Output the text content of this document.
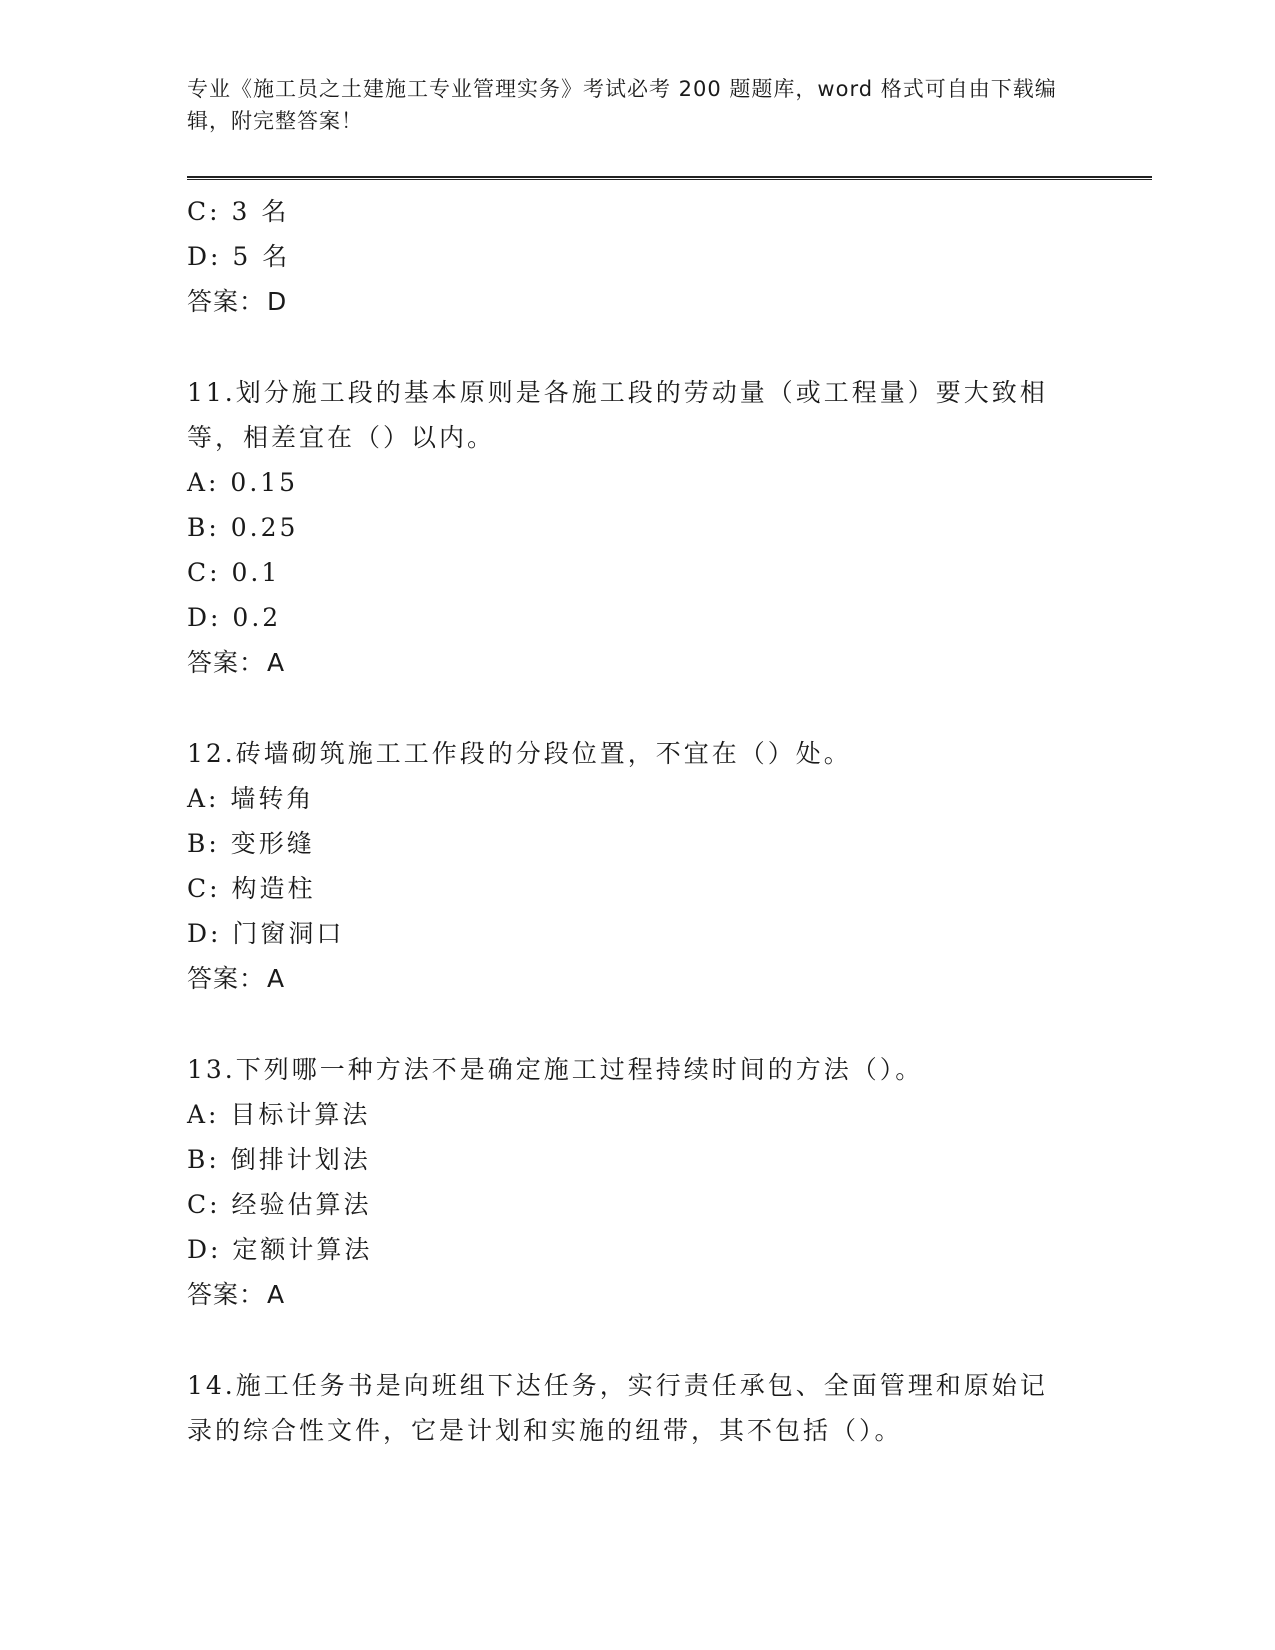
专业《施工员之土建施工专业管理实务》考试必考 200 题题库，word 格式可自由下载编辑，附完整答案！
C: 3 名
D: 5 名
答案：D
11.划分施工段的基本原则是各施工段的劳动量（或工程量）要大致相等，相差宜在（）以内。
A: 0.15
B: 0.25
C: 0.1
D: 0.2
答案：A
12.砖墙砌筑施工工作段的分段位置，不宜在（）处。
A: 墙转角
B: 变形缝
C: 构造柱
D: 门窗洞口
答案：A
13.下列哪一种方法不是确定施工过程持续时间的方法（）。
A: 目标计算法
B: 倒排计划法
C: 经验估算法
D: 定额计算法
答案：A
14.施工任务书是向班组下达任务，实行责任承包、全面管理和原始记录的综合性文件，它是计划和实施的纽带，其不包括（）。
